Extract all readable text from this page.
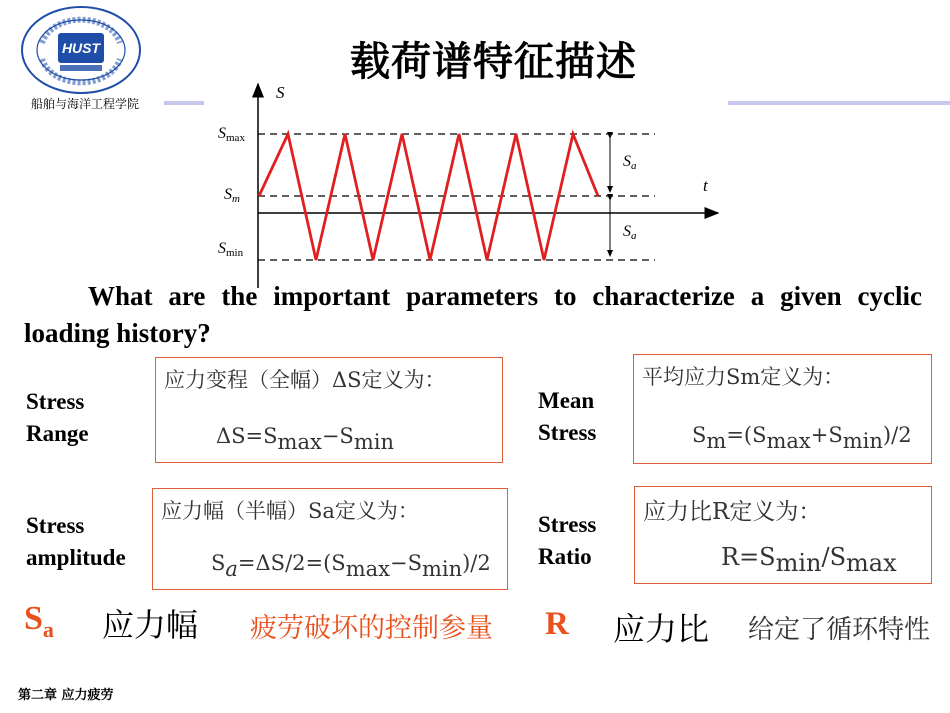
HUST
船舶与海洋工程学院
载荷谱特征描述
S
t
Smax
Sm
Smin
Sa
Sa
What are the important parameters to characterize a given cyclic loading history?
Stress
Range
应力变程（全幅）ΔS定义为：
$\Delta S=S_{max}-S_{min}$
Mean
Stress
平均应力Sm定义为：
$S_m=(S_{max}+S_{min})/2$
Stress
amplitude
应力幅（半幅）Sa定义为：
$S_a=\Delta S/2=(S_{max}-S_{min})/2$
Stress
Ratio
应力比R定义为：
$R=S_{min}/S_{max}$
$S_a$ 应力幅 疲劳破坏的控制参量 R 应力比 给定了循环特性
第二章 应力疲劳
